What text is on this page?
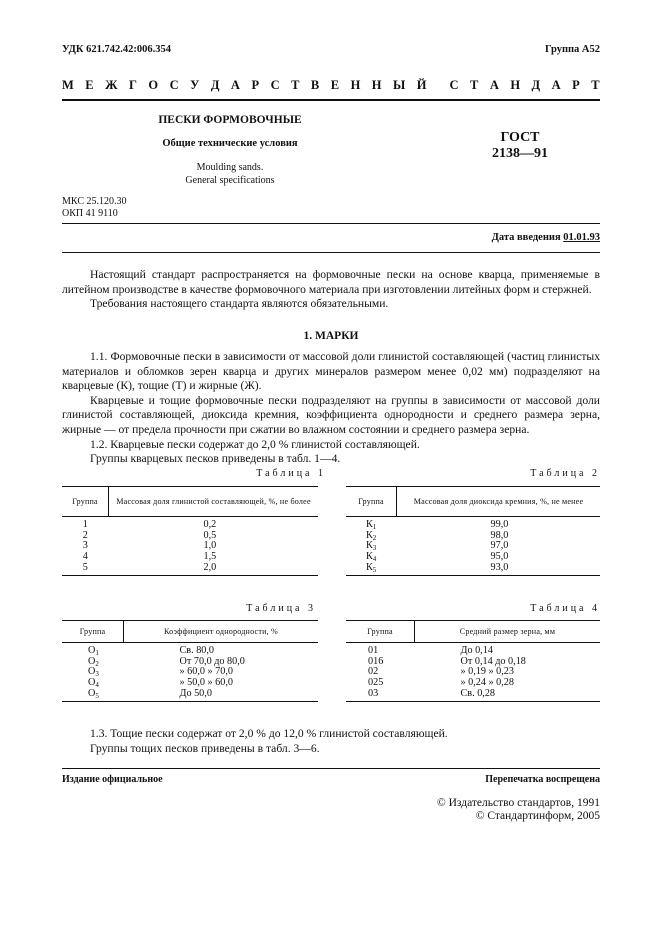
УДК 621.742.42:006.354	Группа А52
М Е Ж Г О С У Д А Р С Т В Е Н Н Ы Й С Т А Н Д А Р Т
ПЕСКИ ФОРМОВОЧНЫЕ
Общие технические условия
Moulding sands.
General specifications
ГОСТ
2138—91
МКС 25.120.30
ОКП 41 9110
Дата введения 01.01.93

Настоящий стандарт распространяется на формовочные пески на основе кварца, применяемые в литейном производстве в качестве формовочного материала при изготовлении литейных форм и стержней.

Требования настоящего стандарта являются обязательными.

1. МАРКИ

1.1. Формовочные пески в зависимости от массовой доли глинистой составляющей (частиц глинистых материалов и обломков зерен кварца и других минералов размером менее 0,02 мм) подразделяют на кварцевые (К), тощие (Т) и жирные (Ж).

Кварцевые и тощие формовочные пески подразделяют на группы в зависимости от массовой доли глинистой составляющей, диоксида кремния, коэффициента однородности и среднего размера зерна, жирные — от предела прочности при сжатии во влажном состоянии и среднего размера зерна.

1.2. Кварцевые пески содержат до 2,0 % глинистой составляющей.

Группы кварцевых песков приведены в табл. 1—4.

Таблица 1
Группа	Массовая доля глинистой составляющей, %, не более
1	0,2
2	0,5
3	1,0
4	1,5
5	2,0
Таблица 2
Группа	Массовая доля диоксида кремния, %, не менее
$К_1$	99,0
$К_2$	98,0
$К_3$	97,0
$К_4$	95,0
$К_5$	93,0
Таблица 3
Группа	Коэффициент однородности, %
$О_1$	Св. 80,0
$О_2$	От 70,0 до 80,0
$О_3$	» 60,0 » 70,0
$О_4$	» 50,0 » 60,0
$О_5$	До 50,0
Таблица 4
Группа	Средний размер зерна, мм
01	До 0,14
016	От 0,14 до 0,18
02	» 0,19 » 0,23
025	» 0,24 » 0,28
03	Св. 0,28

1.3. Тощие пески содержат от 2,0 % до 12,0 % глинистой составляющей.

Группы тощих песков приведены в табл. 3—6.

Издание официальное	Перепечатка воспрещена
© Издательство стандартов, 1991
© Стандартинформ, 2005
